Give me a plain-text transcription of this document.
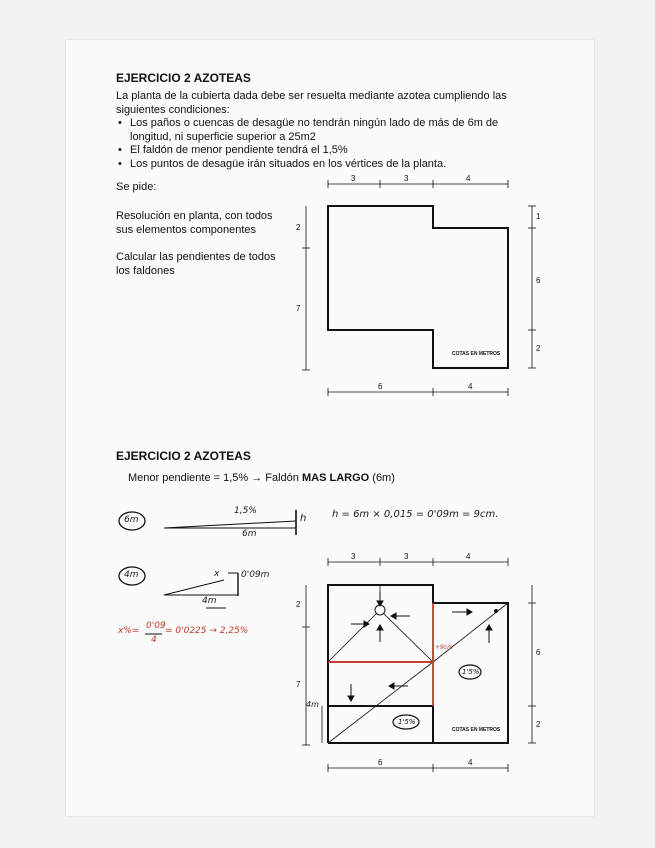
EJERCICIO 2 AZOTEAS
La planta de la cubierta dada debe ser resuelta mediante azotea cumpliendo las
siguientes condiciones:
• Los paños o cuencas de desagüe no tendrán ningún lado de más de 6m de
longitud, ni superficie superior a 25m2
• El faldón de menor pendiente tendrá el 1,5%
• Los puntos de desagüe irán situados en los vértices de la planta.
Se pide:
Resolución en planta, con todos
sus elementos componentes
Calcular las pendientes de todos
los faldones
3	3	4
6	4
1
6
2
2
7
COTAS EN METROS
EJERCICIO 2 AZOTEAS
Menor pendiente = 1,5% → Faldón MAS LARGO (6m)
6m
1,5%
6m
h	h = 6m × 0,015 = 0'09m = 9cm.
4m	x 0'09m
4m
x%= 0'09
4
= 0'0225 → 2,25%
3	3	4
6	4
6
2
2
7
4m
+9cm
1'5%
1'5%
COTAS EN METROS
